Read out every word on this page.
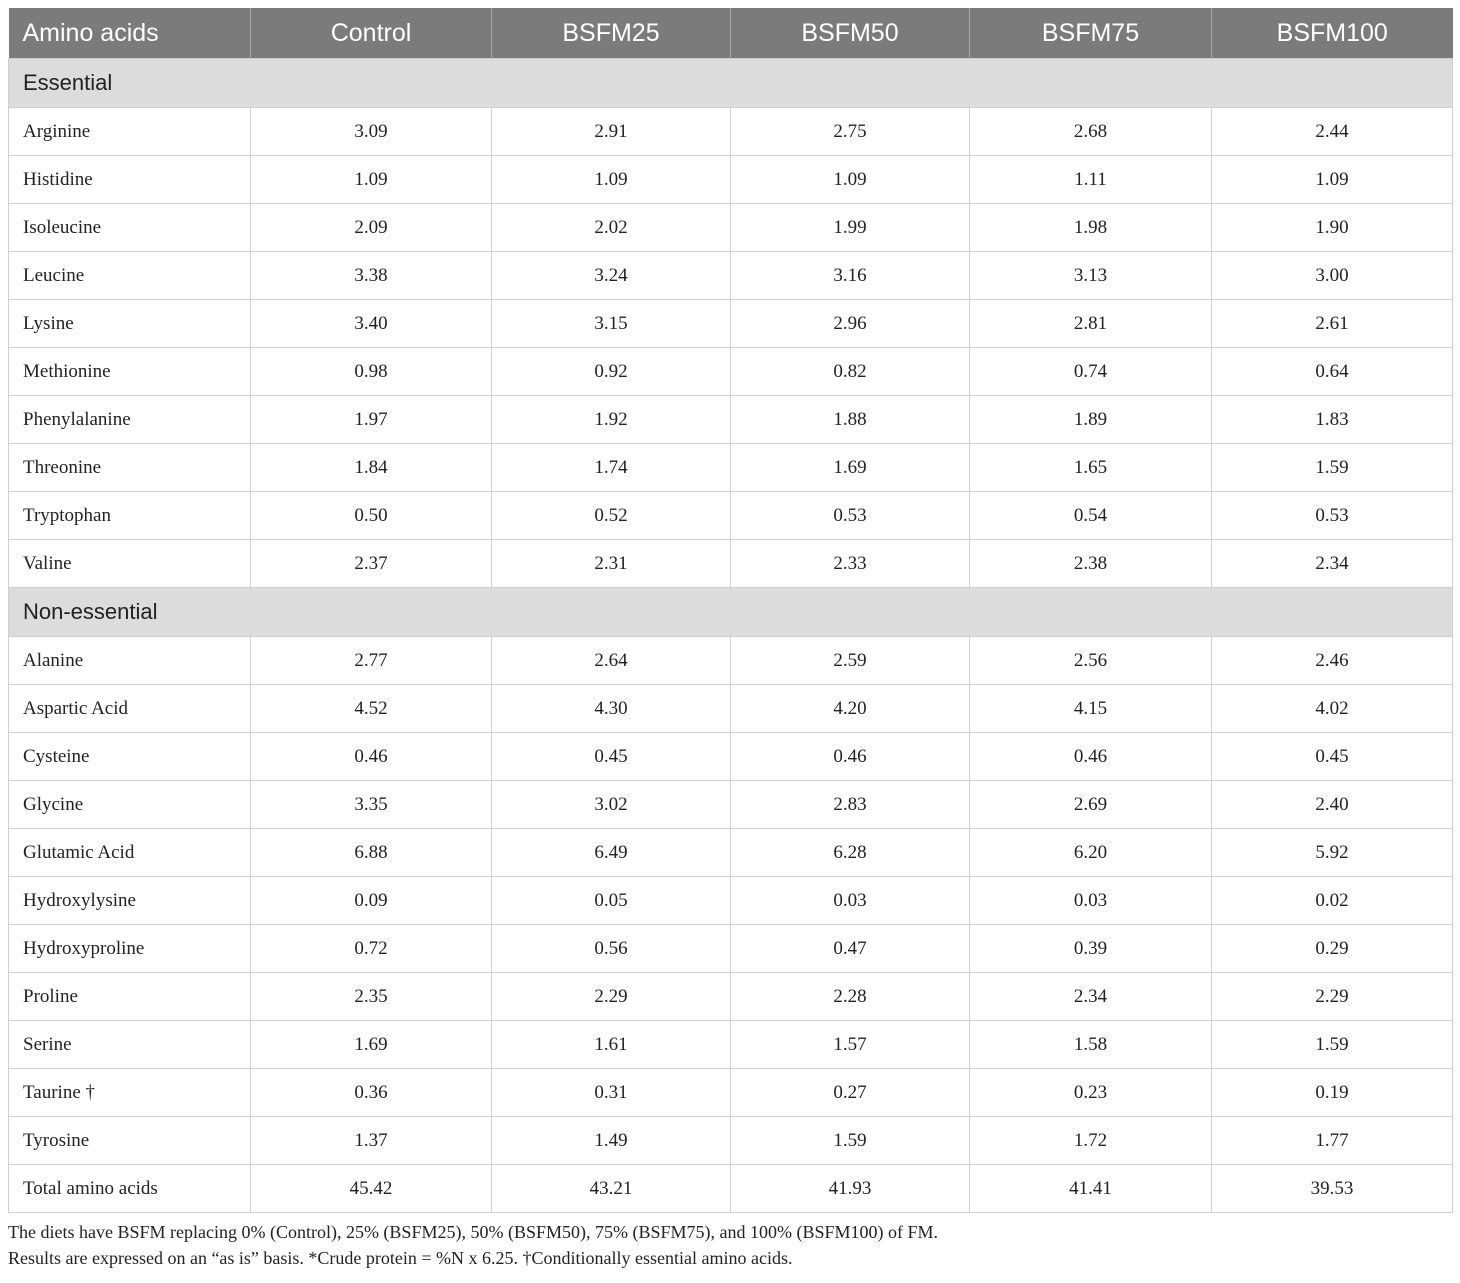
Amino acids	Control	BSFM25	BSFM50	BSFM75	BSFM100
Essential					
Arginine	3.09	2.91	2.75	2.68	2.44
Histidine	1.09	1.09	1.09	1.11	1.09
Isoleucine	2.09	2.02	1.99	1.98	1.90
Leucine	3.38	3.24	3.16	3.13	3.00
Lysine	3.40	3.15	2.96	2.81	2.61
Methionine	0.98	0.92	0.82	0.74	0.64
Phenylalanine	1.97	1.92	1.88	1.89	1.83
Threonine	1.84	1.74	1.69	1.65	1.59
Tryptophan	0.50	0.52	0.53	0.54	0.53
Valine	2.37	2.31	2.33	2.38	2.34
Non-essential					
Alanine	2.77	2.64	2.59	2.56	2.46
Aspartic Acid	4.52	4.30	4.20	4.15	4.02
Cysteine	0.46	0.45	0.46	0.46	0.45
Glycine	3.35	3.02	2.83	2.69	2.40
Glutamic Acid	6.88	6.49	6.28	6.20	5.92
Hydroxylysine	0.09	0.05	0.03	0.03	0.02
Hydroxyproline	0.72	0.56	0.47	0.39	0.29
Proline	2.35	2.29	2.28	2.34	2.29
Serine	1.69	1.61	1.57	1.58	1.59
Taurine †	0.36	0.31	0.27	0.23	0.19
Tyrosine	1.37	1.49	1.59	1.72	1.77
Total amino acids	45.42	43.21	41.93	41.41	39.53
The diets have BSFM replacing 0% (Control), 25% (BSFM25), 50% (BSFM50), 75% (BSFM75), and 100% (BSFM100) of FM.
Results are expressed on an “as is” basis. *Crude protein = %N x 6.25. †Conditionally essential amino acids.
